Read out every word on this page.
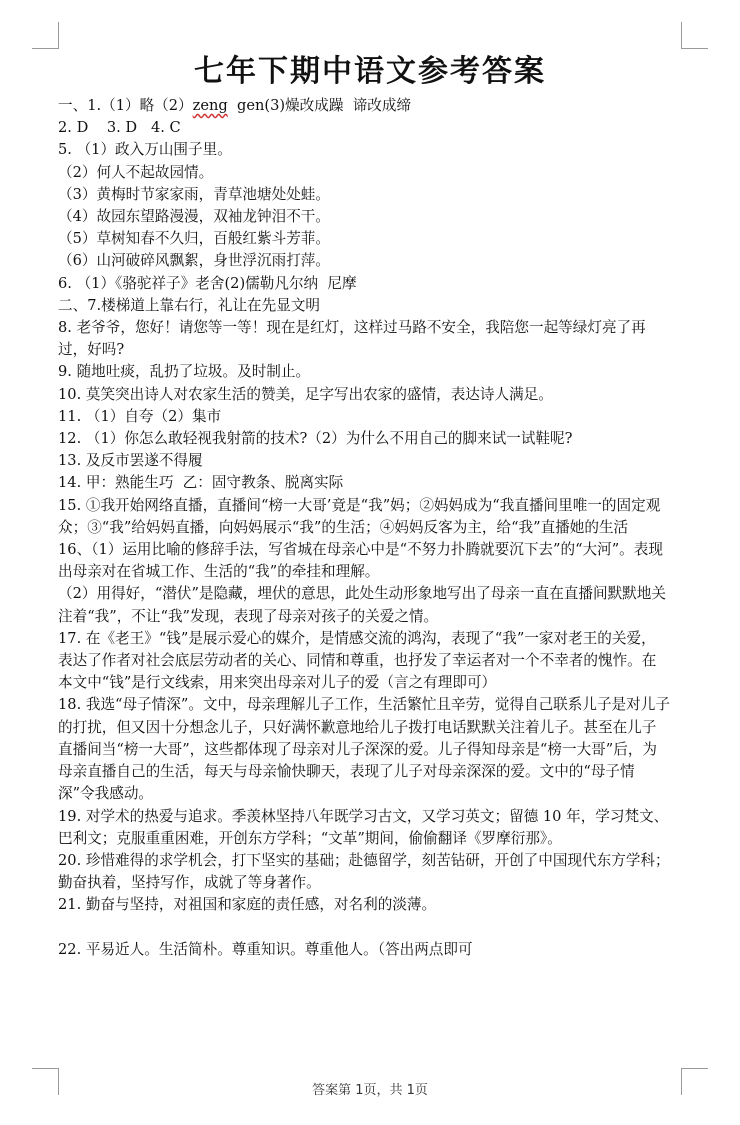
七年下期中语文参考答案
一、1.（1）略（2）zeng  gen(3)燥改成躁  谛改成缔
2. D    3. D   4. C
5. （1）政入万山围子里。
（2）何人不起故园情。
（3）黄梅时节家家雨，青草池塘处处蛙。
（4）故园东望路漫漫，双袖龙钟泪不干。
（5）草树知春不久归，百般红紫斗芳菲。
（6）山河破碎风飘絮，身世浮沉雨打萍。
6. （1）《骆驼祥子》老舍(2)儒勒凡尔纳  尼摩
二、7.楼梯道上靠右行，礼让在先显文明
8. 老爷爷，您好！请您等一等！现在是红灯，这样过马路不安全，我陪您一起等绿灯亮了再过，好吗?
9. 随地吐痰，乱扔了垃圾。及时制止。
10. 莫笑突出诗人对农家生活的赞美，足字写出农家的盛情，表达诗人满足。
11. （1）自夸（2）集市
12. （1）你怎么敢轻视我射箭的技术?（2）为什么不用自己的脚来试一试鞋呢?
13. 及反市罢遂不得履
14. 甲：熟能生巧  乙：固守教条、脱离实际
15. ①我开始网络直播，直播间“榜一大哥’竟是“我”妈；②妈妈成为“我直播间里唯一的固定观众；③“我”给妈妈直播，向妈妈展示“我”的生活；④妈妈反客为主，给“我”直播她的生活
16、（1）运用比喻的修辞手法，写省城在母亲心中是“不努力扑腾就要沉下去”的“大河”。表现出母亲对在省城工作、生活的“我”的牵挂和理解。
（2）用得好，“潜伏”是隐藏，埋伏的意思，此处生动形象地写出了母亲一直在直播间默默地关注着“我”，不让“我”发现，表现了母亲对孩子的关爱之情。
17. 在《老王》“钱”是展示爱心的媒介，是情感交流的鸿沟，表现了“我”一家对老王的关爱，表达了作者对社会底层劳动者的关心、同情和尊重，也抒发了幸运者对一个不幸者的愧怍。在本文中“钱”是行文线索，用来突出母亲对儿子的爱（言之有理即可）
18. 我选“母子情深”。文中，母亲理解儿子工作，生活繁忙且辛劳，觉得自己联系儿子是对儿子的打扰，但又因十分想念儿子，只好满怀歉意地给儿子拨打电话默默关注着儿子。甚至在儿子直播间当“榜一大哥”，这些都体现了母亲对儿子深深的爱。儿子得知母亲是“榜一大哥”后，为母亲直播自己的生活，每天与母亲愉快聊天，表现了儿子对母亲深深的爱。文中的“母子情深”令我感动。
19. 对学术的热爱与追求。季羡林坚持八年既学习古文，又学习英文；留德 10 年，学习梵文、巴利文；克服重重困难，开创东方学科；“文革”期间，偷偷翻译《罗摩衍那》。
20. 珍惜难得的求学机会，打下坚实的基础；赴德留学，刻苦钻研，开创了中国现代东方学科；勤奋执着，坚持写作，成就了等身著作。
21. 勤奋与坚持，对祖国和家庭的责任感，对名利的淡薄。
22. 平易近人。生活简朴。尊重知识。尊重他人。（答出两点即可
答案第 1页，共 1页
